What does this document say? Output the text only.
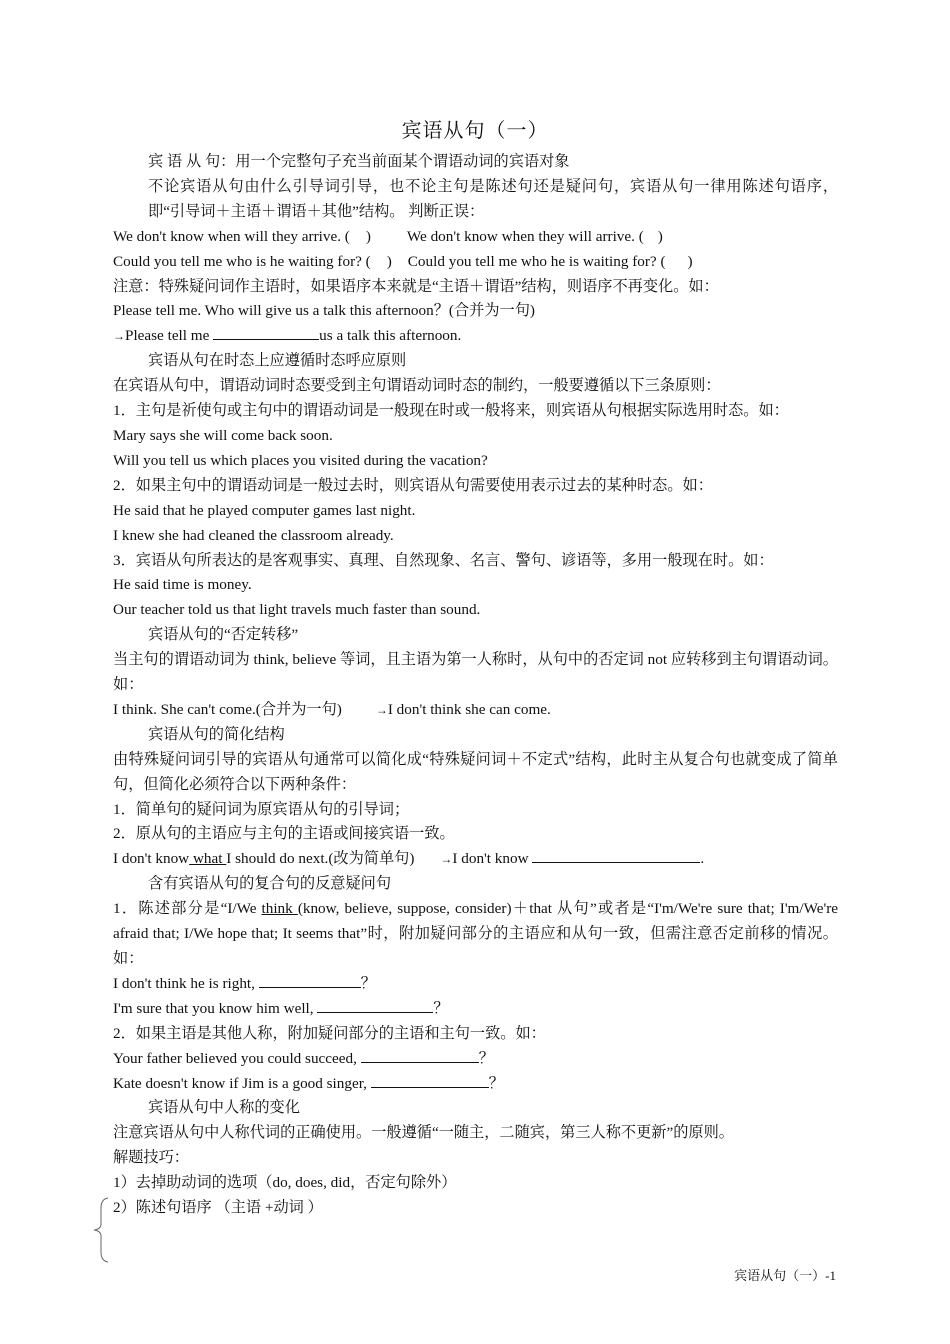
宾语从句（一）
宾 语 从 句：用一个完整句子充当前面某个谓语动词的宾语对象
不论宾语从句由什么引导词引导，也不论主句是陈述句还是疑问句，宾语从句一律用陈述句语序，即“引导词＋主语＋谓语＋其他”结构。 判断正误：
We don't know when will they arrive. ( ) We don't know when they will arrive. ( )
Could you tell me who is he waiting for? ( ) Could you tell me who he is waiting for? ( )
注意：特殊疑问词作主语时，如果语序本来就是“主语＋谓语”结构，则语序不再变化。如：
Please tell me. Who will give us a talk this afternoon？(合并为一句)
→Please tell me	us a talk this afternoon.
宾语从句在时态上应遵循时态呼应原则
在宾语从句中，谓语动词时态要受到主句谓语动词时态的制约，一般要遵循以下三条原则：
1．主句是祈使句或主句中的谓语动词是一般现在时或一般将来，则宾语从句根据实际选用时态。如：
Mary says she will come back soon.
Will you tell us which places you visited during the vacation?
2．如果主句中的谓语动词是一般过去时，则宾语从句需要使用表示过去的某种时态。如：
He said that he played computer games last night.
I knew she had cleaned the classroom already.
3．宾语从句所表达的是客观事实、真理、自然现象、名言、警句、谚语等，多用一般现在时。如：
He said time is money.
Our teacher told us that light travels much faster than sound.
宾语从句的“否定转移”
当主句的谓语动词为 think, believe 等词，且主语为第一人称时，从句中的否定词 not 应转移到主句谓语动词。如：
I think. She can't come.(合并为一句)	→I don't think she can come.
宾语从句的简化结构
由特殊疑问词引导的宾语从句通常可以简化成“特殊疑问词＋不定式”结构，此时主从复合句也就变成了简单句，但简化必须符合以下两种条件：
1．简单句的疑问词为原宾语从句的引导词；
2．原从句的主语应与主句的主语或间接宾语一致。
I don't know what I should do next.(改为简单句) →I don't know	.
含有宾语从句的复合句的反意疑问句
1．陈述部分是“I/We think (know, believe, suppose, consider)＋that 从句”或者是“I'm/We're sure that; I'm/We're afraid that; I/We hope that; It seems that”时，附加疑问部分的主语应和从句一致，但需注意否定前移的情况。如：
I don't think he is right,	？
I'm sure that you know him well,	？
2．如果主语是其他人称，附加疑问部分的主语和主句一致。如：
Your father believed you could succeed,	？
Kate doesn't know if Jim is a good singer,	？
宾语从句中人称的变化
注意宾语从句中人称代词的正确使用。一般遵循“一随主，二随宾，第三人称不更新”的原则。
解题技巧：
1）去掉助动词的选项（do, does, did，否定句除外）
2）陈述句语序 （主语 +动词 ）
宾语从句（一）-1
